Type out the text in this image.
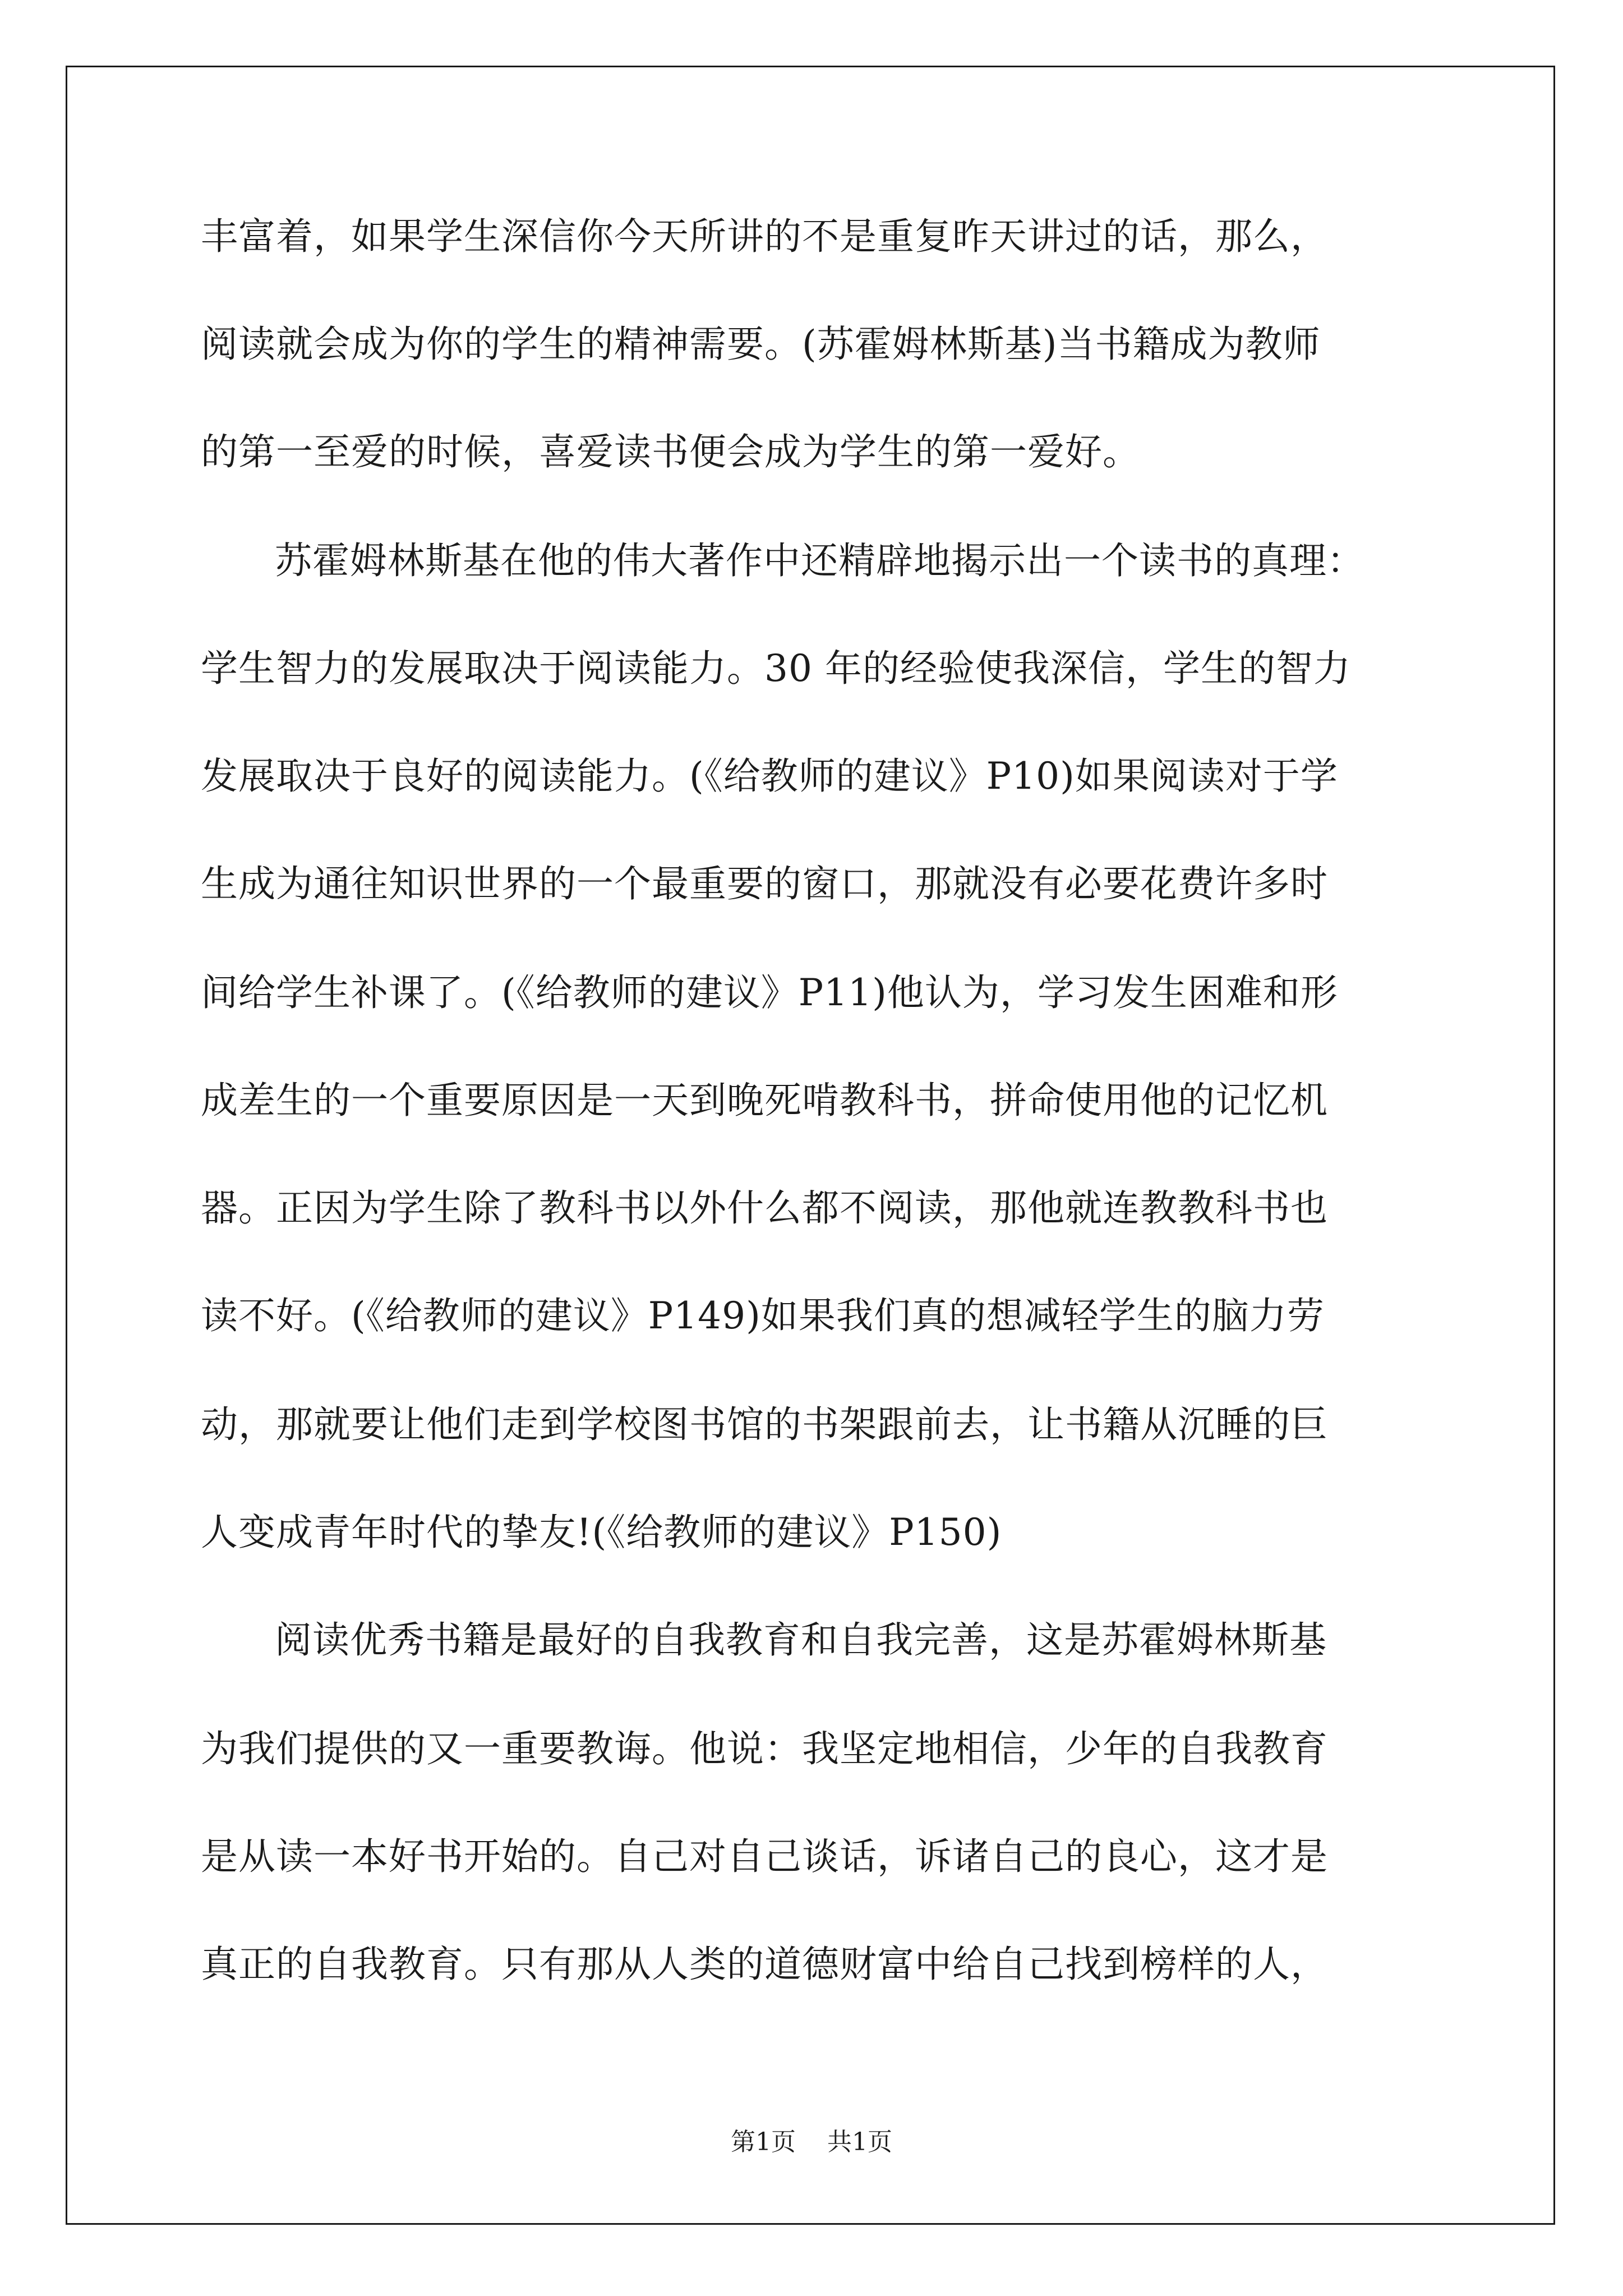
丰富着，如果学生深信你今天所讲的不是重复昨天讲过的话，那么，

阅读就会成为你的学生的精神需要。(苏霍姆林斯基)当书籍成为教师

的第一至爱的时候，喜爱读书便会成为学生的第一爱好。

苏霍姆林斯基在他的伟大著作中还精辟地揭示出一个读书的真理：

学生智力的发展取决于阅读能力。30 年的经验使我深信，学生的智力

发展取决于良好的阅读能力。(《给教师的建议》P10)如果阅读对于学

生成为通往知识世界的一个最重要的窗口，那就没有必要花费许多时

间给学生补课了。(《给教师的建议》P11)他认为，学习发生困难和形

成差生的一个重要原因是一天到晚死啃教科书，拼命使用他的记忆机

器。正因为学生除了教科书以外什么都不阅读，那他就连教教科书也

读不好。(《给教师的建议》P149)如果我们真的想减轻学生的脑力劳

动，那就要让他们走到学校图书馆的书架跟前去，让书籍从沉睡的巨

人变成青年时代的挚友!(《给教师的建议》P150)

阅读优秀书籍是最好的自我教育和自我完善，这是苏霍姆林斯基

为我们提供的又一重要教诲。他说：我坚定地相信，少年的自我教育

是从读一本好书开始的。自己对自己谈话，诉诸自己的良心，这才是

真正的自我教育。只有那从人类的道德财富中给自己找到榜样的人，

第1页 共1页
